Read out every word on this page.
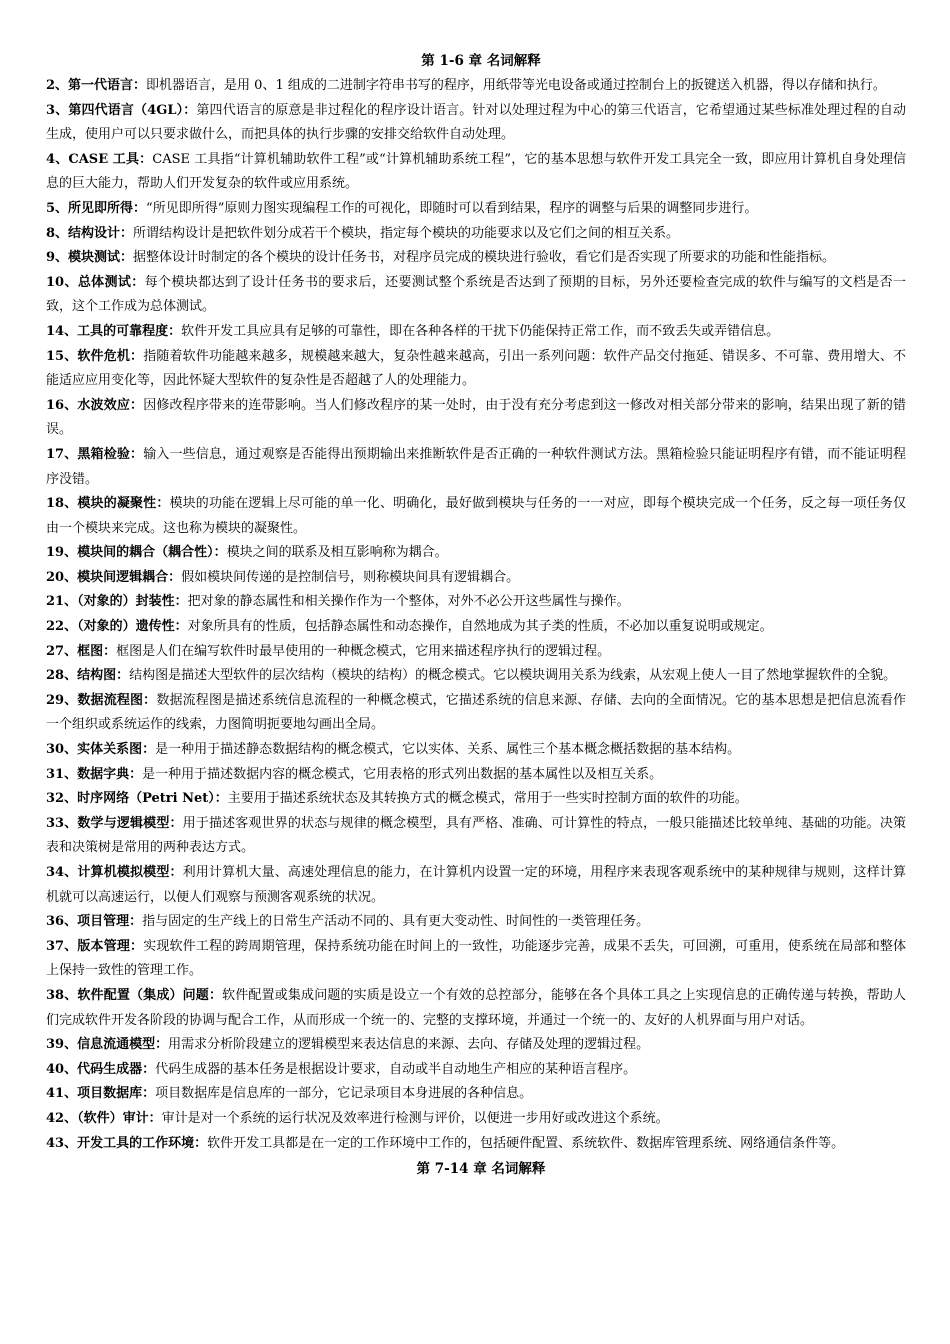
第 1-6 章 名词解释

2、第一代语言：即机器语言，是用 0、1 组成的二进制字符串书写的程序，用纸带等光电设备或通过控制台上的扳键送入机器，得以存储和执行。

3、第四代语言（4GL）：第四代语言的原意是非过程化的程序设计语言。针对以处理过程为中心的第三代语言，它希望通过某些标准处理过程的自动生成，使用户可以只要求做什么，而把具体的执行步骤的安排交给软件自动处理。

4、CASE 工具：CASE 工具指“计算机辅助软件工程”或“计算机辅助系统工程”，它的基本思想与软件开发工具完全一致，即应用计算机自身处理信息的巨大能力，帮助人们开发复杂的软件或应用系统。

5、所见即所得：“所见即所得”原则力图实现编程工作的可视化，即随时可以看到结果，程序的调整与后果的调整同步进行。

8、结构设计：所谓结构设计是把软件划分成若干个模块，指定每个模块的功能要求以及它们之间的相互关系。

9、模块测试：据整体设计时制定的各个模块的设计任务书，对程序员完成的模块进行验收，看它们是否实现了所要求的功能和性能指标。

10、总体测试：每个模块都达到了设计任务书的要求后，还要测试整个系统是否达到了预期的目标，另外还要检查完成的软件与编写的文档是否一致，这个工作成为总体测试。

14、工具的可靠程度：软件开发工具应具有足够的可靠性，即在各种各样的干扰下仍能保持正常工作，而不致丢失或弄错信息。

15、软件危机：指随着软件功能越来越多，规模越来越大，复杂性越来越高，引出一系列问题：软件产品交付拖延、错误多、不可靠、费用增大、不能适应应用变化等，因此怀疑大型软件的复杂性是否超越了人的处理能力。

16、水波效应：因修改程序带来的连带影响。当人们修改程序的某一处时，由于没有充分考虑到这一修改对相关部分带来的影响，结果出现了新的错误。

17、黑箱检验：输入一些信息，通过观察是否能得出预期输出来推断软件是否正确的一种软件测试方法。黑箱检验只能证明程序有错，而不能证明程序没错。

18、模块的凝聚性：模块的功能在逻辑上尽可能的单一化、明确化，最好做到模块与任务的一一对应，即每个模块完成一个任务，反之每一项任务仅由一个模块来完成。这也称为模块的凝聚性。

19、模块间的耦合（耦合性）：模块之间的联系及相互影响称为耦合。

20、模块间逻辑耦合：假如模块间传递的是控制信号，则称模块间具有逻辑耦合。

21、（对象的）封装性：把对象的静态属性和相关操作作为一个整体，对外不必公开这些属性与操作。

22、（对象的）遗传性：对象所具有的性质，包括静态属性和动态操作，自然地成为其子类的性质，不必加以重复说明或规定。

27、框图：框图是人们在编写软件时最早使用的一种概念模式，它用来描述程序执行的逻辑过程。

28、结构图：结构图是描述大型软件的层次结构（模块的结构）的概念模式。它以模块调用关系为线索，从宏观上使人一目了然地掌握软件的全貌。

29、数据流程图：数据流程图是描述系统信息流程的一种概念模式，它描述系统的信息来源、存储、去向的全面情况。它的基本思想是把信息流看作一个组织或系统运作的线索，力图简明扼要地勾画出全局。

30、实体关系图：是一种用于描述静态数据结构的概念模式，它以实体、关系、属性三个基本概念概括数据的基本结构。

31、数据字典：是一种用于描述数据内容的概念模式，它用表格的形式列出数据的基本属性以及相互关系。

32、时序网络（Petri Net）：主要用于描述系统状态及其转换方式的概念模式，常用于一些实时控制方面的软件的功能。

33、数学与逻辑模型：用于描述客观世界的状态与规律的概念模型，具有严格、准确、可计算性的特点，一般只能描述比较单纯、基础的功能。决策表和决策树是常用的两种表达方式。

34、计算机模拟模型：利用计算机大量、高速处理信息的能力，在计算机内设置一定的环境，用程序来表现客观系统中的某种规律与规则，这样计算机就可以高速运行，以便人们观察与预测客观系统的状况。

36、项目管理：指与固定的生产线上的日常生产活动不同的、具有更大变动性、时间性的一类管理任务。

37、版本管理：实现软件工程的跨周期管理，保持系统功能在时间上的一致性，功能逐步完善，成果不丢失，可回溯，可重用，使系统在局部和整体上保持一致性的管理工作。

38、软件配置（集成）问题：软件配置或集成问题的实质是设立一个有效的总控部分，能够在各个具体工具之上实现信息的正确传递与转换，帮助人们完成软件开发各阶段的协调与配合工作，从而形成一个统一的、完整的支撑环境，并通过一个统一的、友好的人机界面与用户对话。

39、信息流通模型：用需求分析阶段建立的逻辑模型来表达信息的来源、去向、存储及处理的逻辑过程。

40、代码生成器：代码生成器的基本任务是根据设计要求，自动或半自动地生产相应的某种语言程序。

41、项目数据库：项目数据库是信息库的一部分，它记录项目本身进展的各种信息。

42、（软件）审计：审计是对一个系统的运行状况及效率进行检测与评价，以便进一步用好或改进这个系统。

43、开发工具的工作环境：软件开发工具都是在一定的工作环境中工作的，包括硬件配置、系统软件、数据库管理系统、网络通信条件等。

第 7-14 章 名词解释
